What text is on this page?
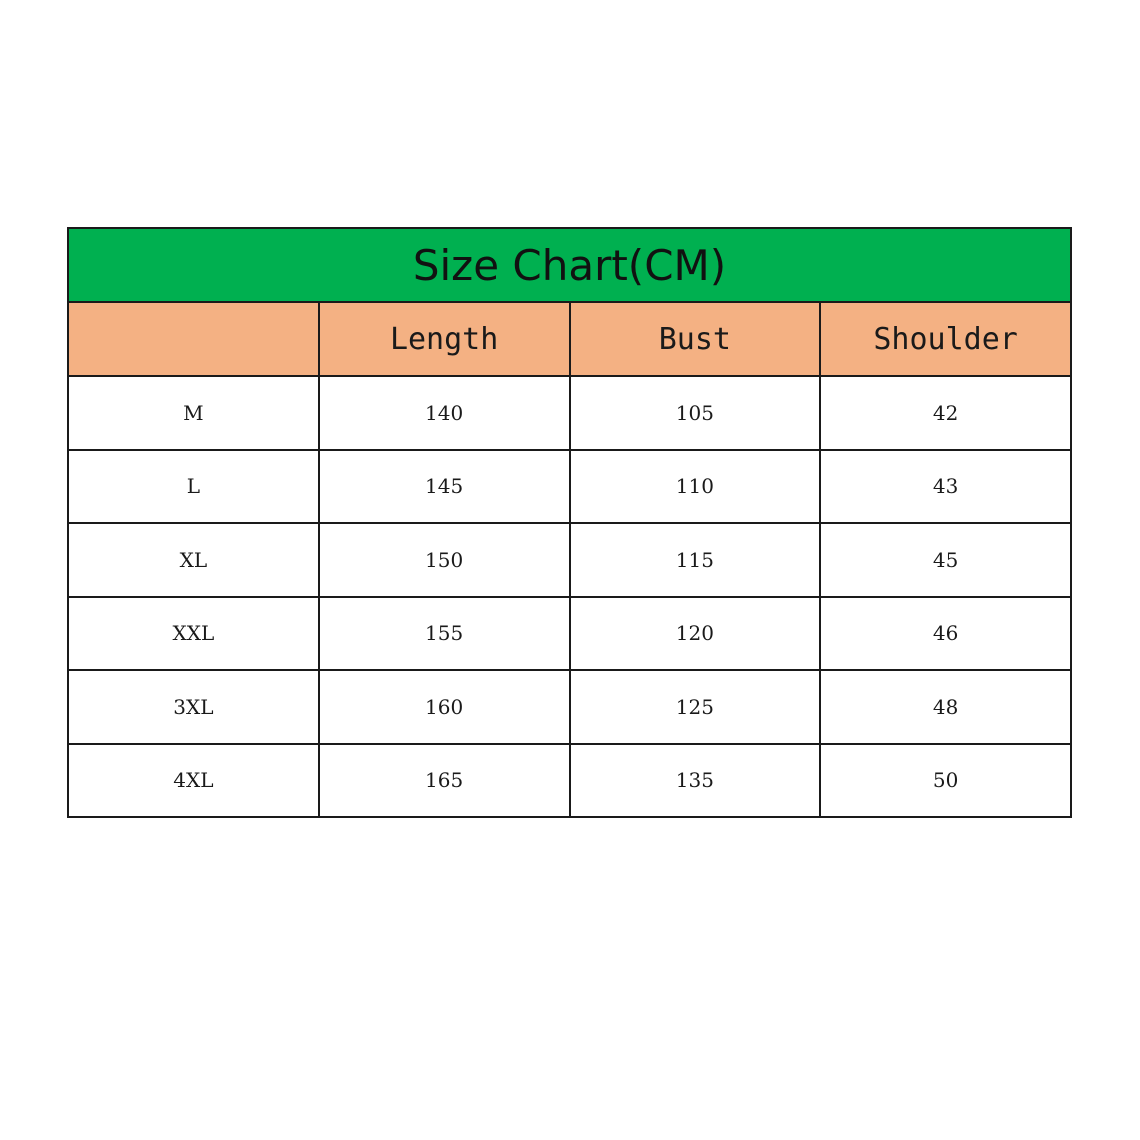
Size Chart(CM)			
	Length	Bust	Shoulder
M	140	105	42
L	145	110	43
XL	150	115	45
XXL	155	120	46
3XL	160	125	48
4XL	165	135	50
